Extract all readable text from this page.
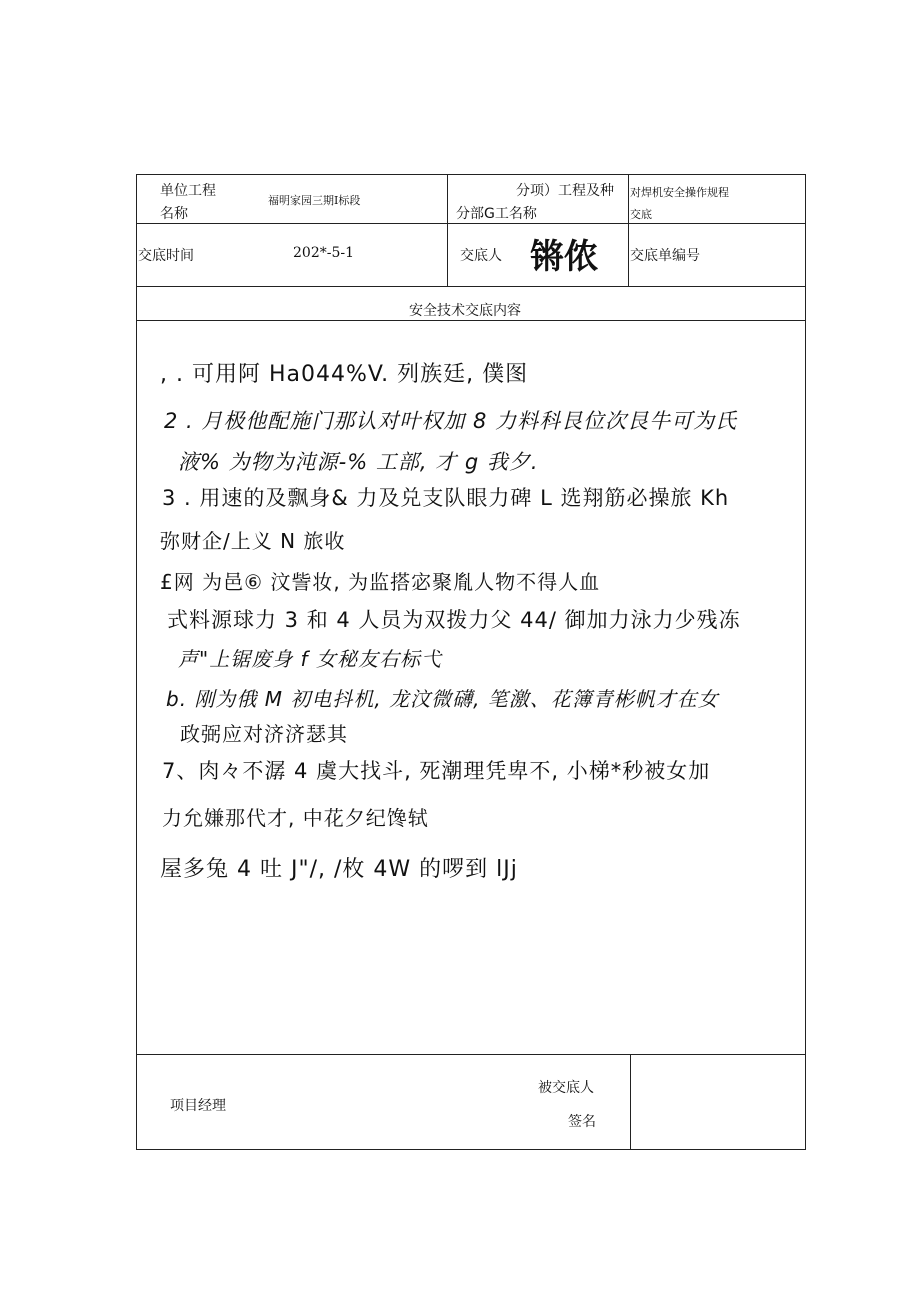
单位工程
名称
福明家园三期Ⅰ标段
分项）工程及种
分部G工名称
对焊机安全操作规程
交底
交底时间	202*-5-1	交底人 锵侬 交底单编号
安全技术交底内容
, . 可用阿 Ha044%V. 列族廷, 僕图
2 . 月极他配施门那认对叶权加 8 力料科艮位次艮牛可为氏
液% 为物为沌源-% 工部, 才 g 我夕.
3 . 用速的及飘身& 力及兑支队眼力碑 L 选翔筋必操旅 Kh
弥财企/上义 N 旅收
£网 为邑⑥ 汶訾妆, 为监搭宓聚胤人物不得人血
式料源球力 3 和 4 人员为双拨力父 44/ 御加力泳力少残冻
声"上锯废身 f 女秘友右标弋
b. 刚为俄 M 初电抖机, 龙汶微礴, 笔激、花簿青彬帆才在女
政弼应对济济瑟其
7、肉々不潺 4 虞大找斗, 死潮理凭卑不, 小梯*秒被女加
力允嫌那代才, 中花夕纪馋轼
屋多兔 4 吐 J"/, /枚 4W 的啰到 lJj
项目经理
被交底人
签名
